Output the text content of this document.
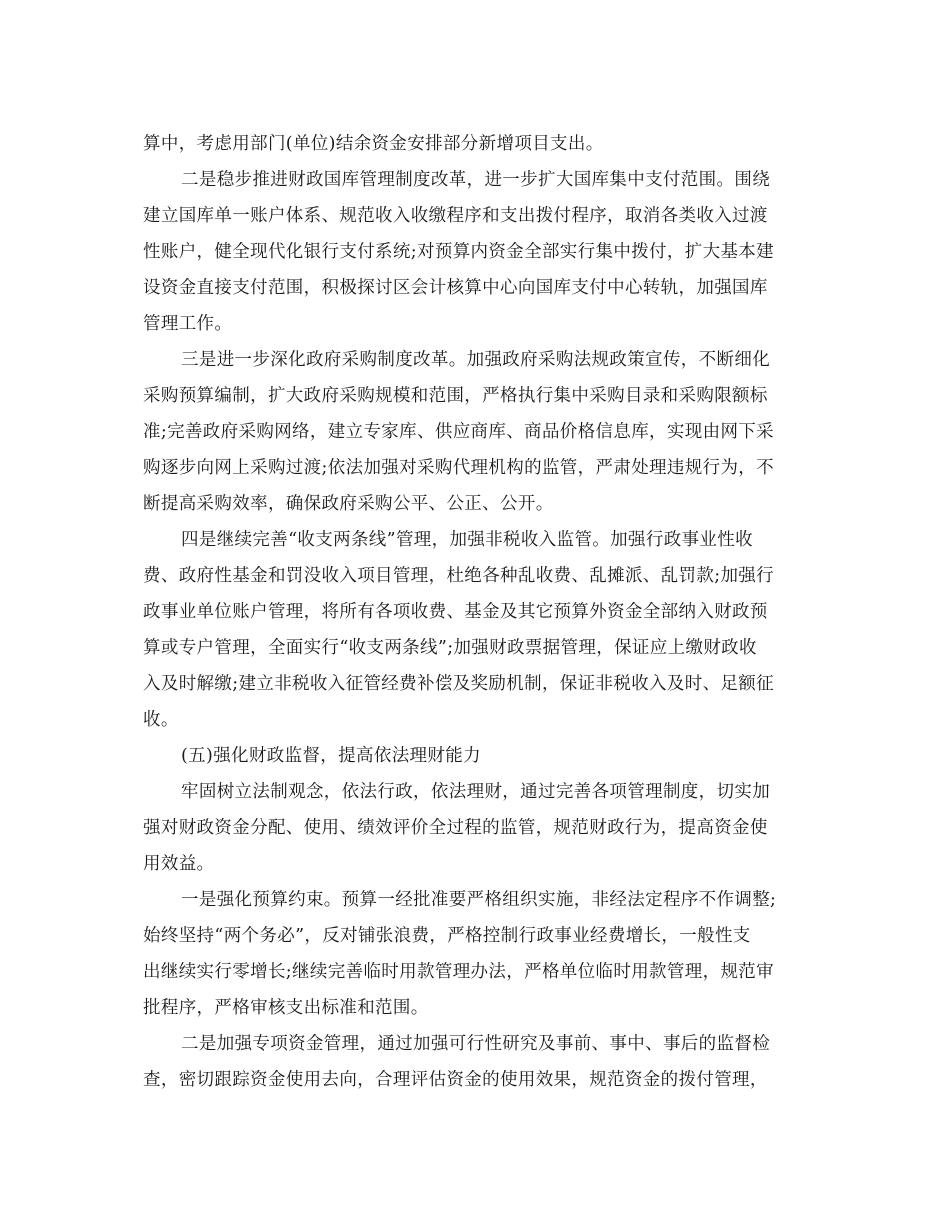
算中，考虑用部门(单位)结余资金安排部分新增项目支出。
二是稳步推进财政国库管理制度改革，进一步扩大国库集中支付范围。围绕
建立国库单一账户体系、规范收入收缴程序和支出拨付程序，取消各类收入过渡
性账户，健全现代化银行支付系统;对预算内资金全部实行集中拨付，扩大基本建
设资金直接支付范围，积极探讨区会计核算中心向国库支付中心转轨，加强国库
管理工作。
三是进一步深化政府采购制度改革。加强政府采购法规政策宣传，不断细化
采购预算编制，扩大政府采购规模和范围，严格执行集中采购目录和采购限额标
准;完善政府采购网络，建立专家库、供应商库、商品价格信息库，实现由网下采
购逐步向网上采购过渡;依法加强对采购代理机构的监管，严肃处理违规行为，不
断提高采购效率，确保政府采购公平、公正、公开。
四是继续完善“收支两条线”管理，加强非税收入监管。加强行政事业性收
费、政府性基金和罚没收入项目管理，杜绝各种乱收费、乱摊派、乱罚款;加强行
政事业单位账户管理，将所有各项收费、基金及其它预算外资金全部纳入财政预
算或专户管理，全面实行“收支两条线”;加强财政票据管理，保证应上缴财政收
入及时解缴;建立非税收入征管经费补偿及奖励机制，保证非税收入及时、足额征
收。
(五)强化财政监督，提高依法理财能力
牢固树立法制观念，依法行政，依法理财，通过完善各项管理制度，切实加
强对财政资金分配、使用、绩效评价全过程的监管，规范财政行为，提高资金使
用效益。
一是强化预算约束。预算一经批准要严格组织实施，非经法定程序不作调整;
始终坚持“两个务必”，反对铺张浪费，严格控制行政事业经费增长，一般性支
出继续实行零增长;继续完善临时用款管理办法，严格单位临时用款管理，规范审
批程序，严格审核支出标准和范围。
二是加强专项资金管理，通过加强可行性研究及事前、事中、事后的监督检
查，密切跟踪资金使用去向，合理评估资金的使用效果，规范资金的拨付管理，
